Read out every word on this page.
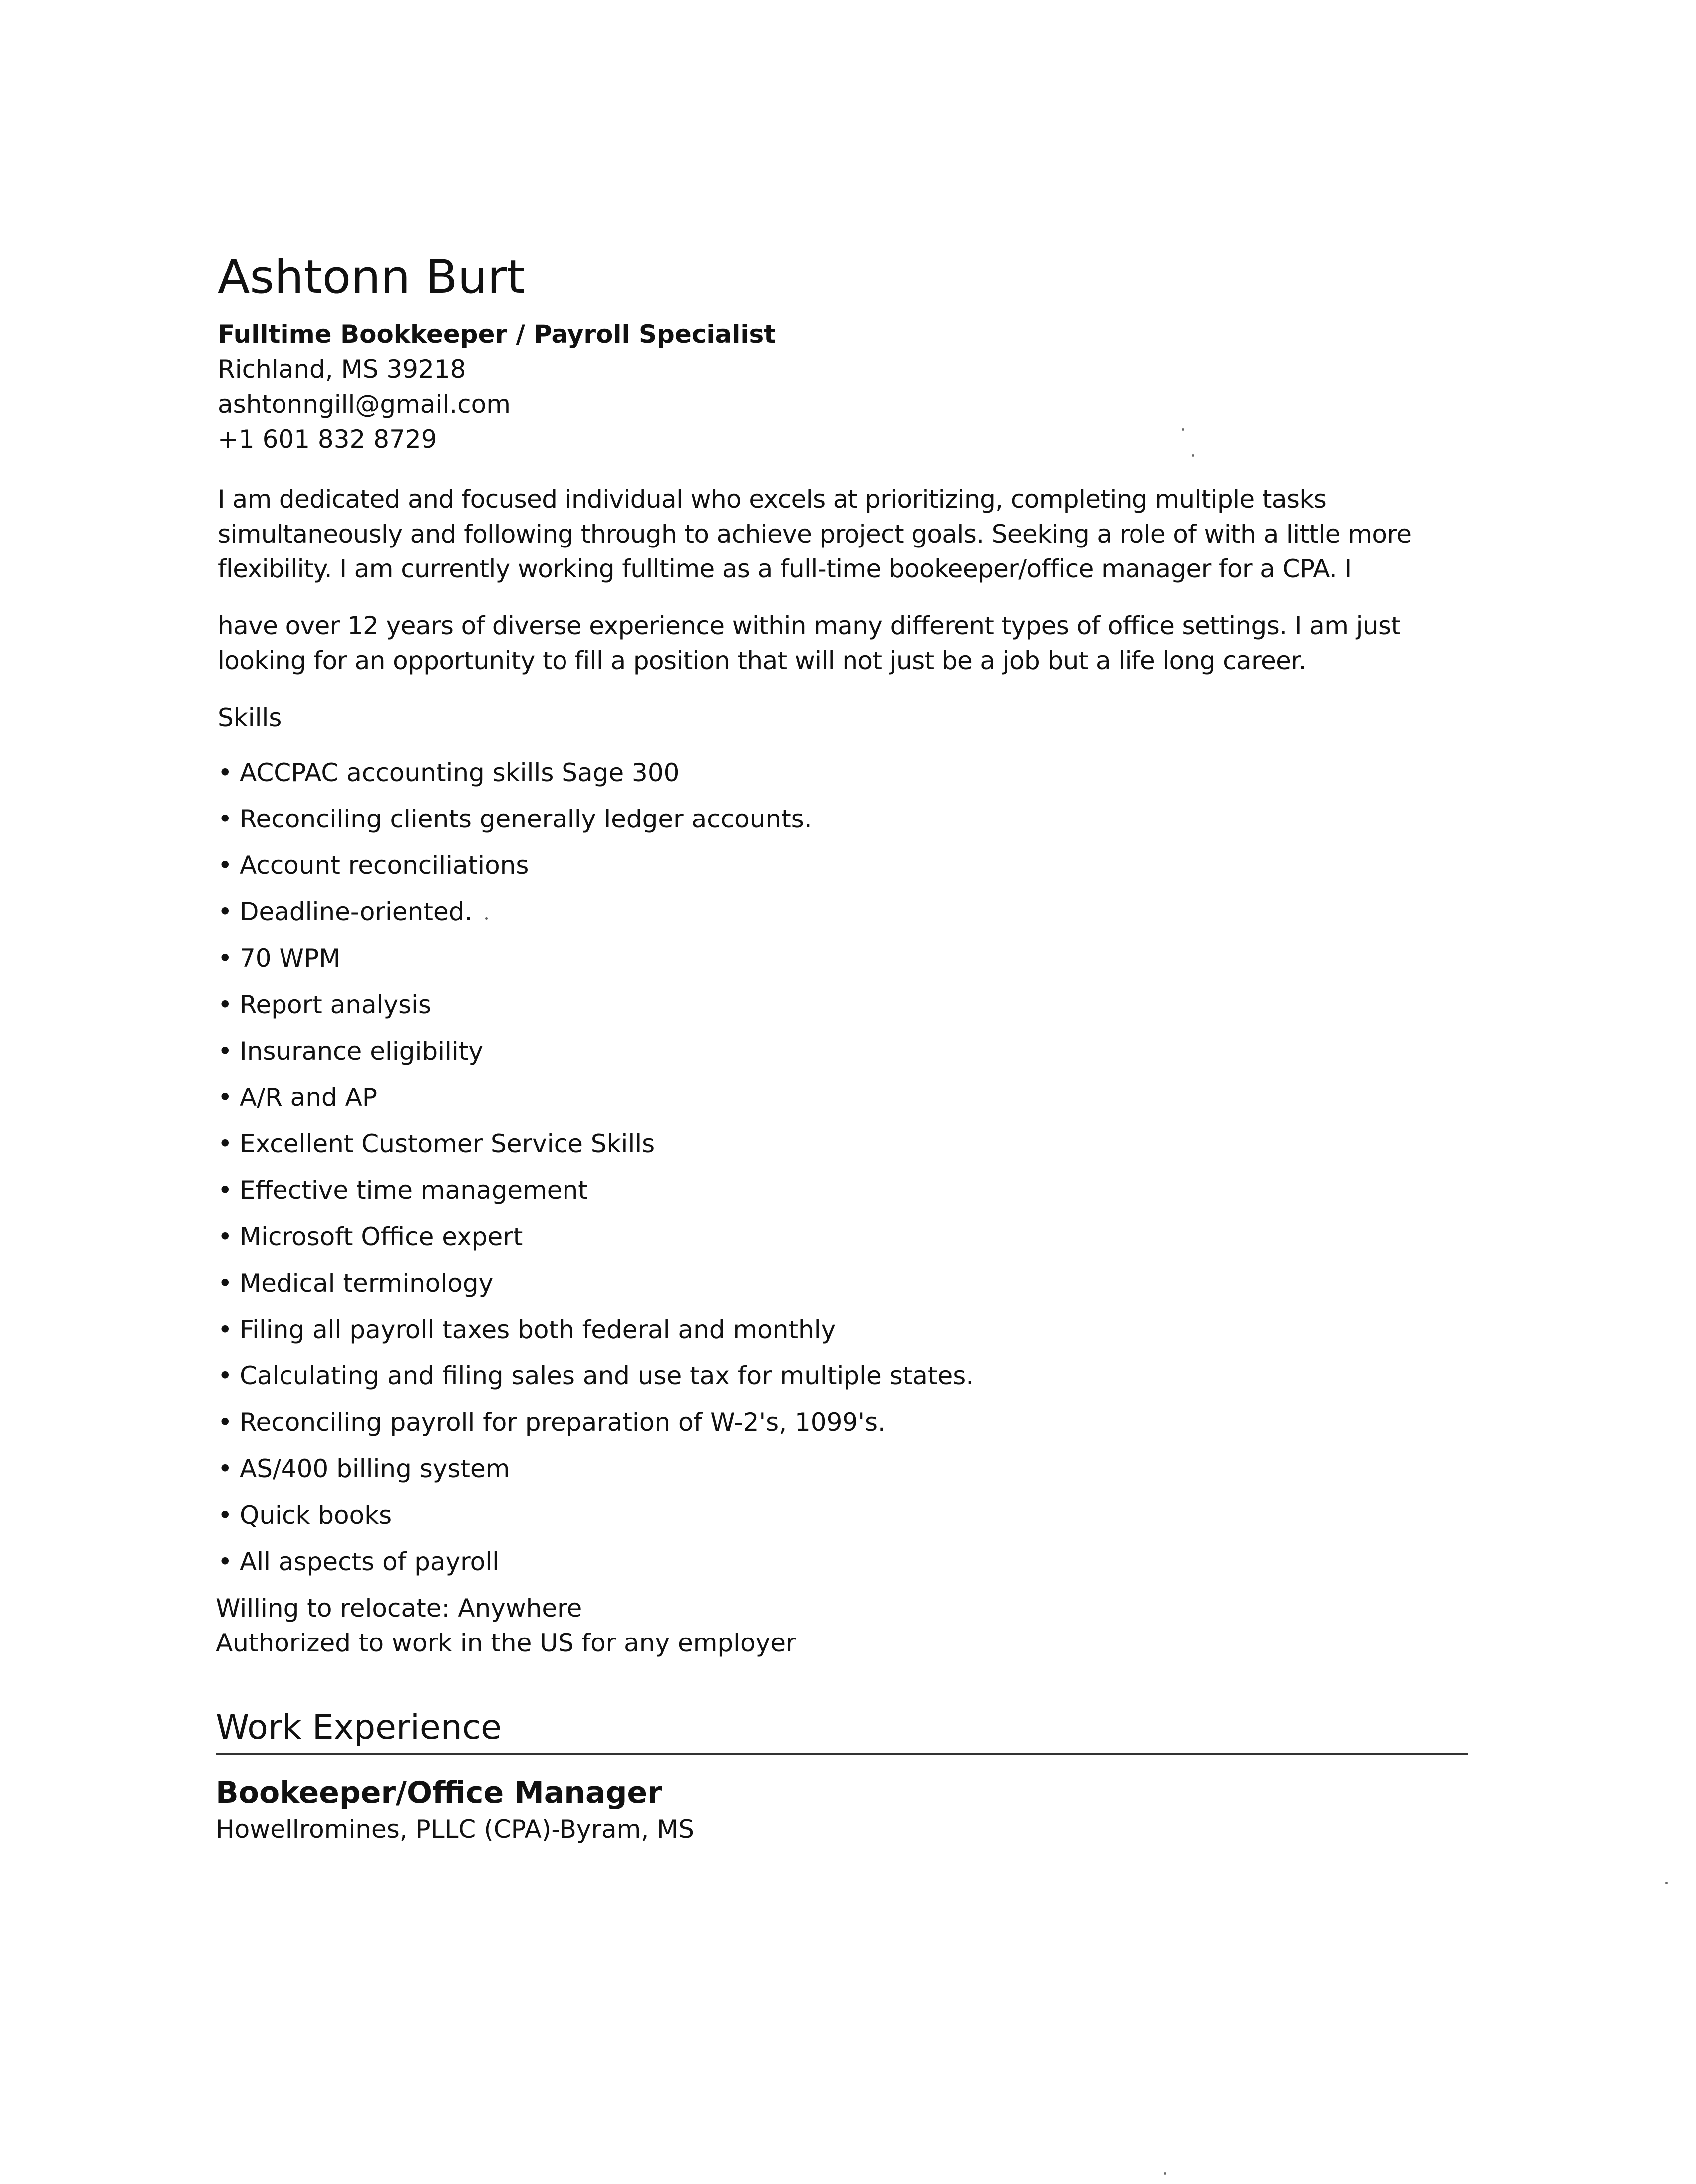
Ashtonn Burt
Fulltime Bookkeeper / Payroll Specialist
Richland, MS 39218
ashtonngill@gmail.com
+1 601 832 8729

I am dedicated and focused individual who excels at prioritizing, completing multiple tasks simultaneously and following through to achieve project goals. Seeking a role of with a little more flexibility. I am currently working fulltime as a full-time bookeeper/office manager for a CPA. I

have over 12 years of diverse experience within many different types of office settings. I am just looking for an opportunity to fill a position that will not just be a job but a life long career.

Skills
• ACCPAC accounting skills Sage 300
• Reconciling clients generally ledger accounts.
• Account reconciliations
• Deadline-oriented.
• 70 WPM
• Report analysis
• Insurance eligibility
• A/R and AP
• Excellent Customer Service Skills
• Effective time management
• Microsoft Office expert
• Medical terminology
• Filing all payroll taxes both federal and monthly
• Calculating and filing sales and use tax for multiple states.
• Reconciling payroll for preparation of W-2's, 1099's.
• AS/400 billing system
• Quick books
• All aspects of payroll
Willing to relocate: Anywhere
Authorized to work in the US for any employer
Work Experience
Bookeeper/Office Manager
Howellromines, PLLC (CPA)-Byram, MS
